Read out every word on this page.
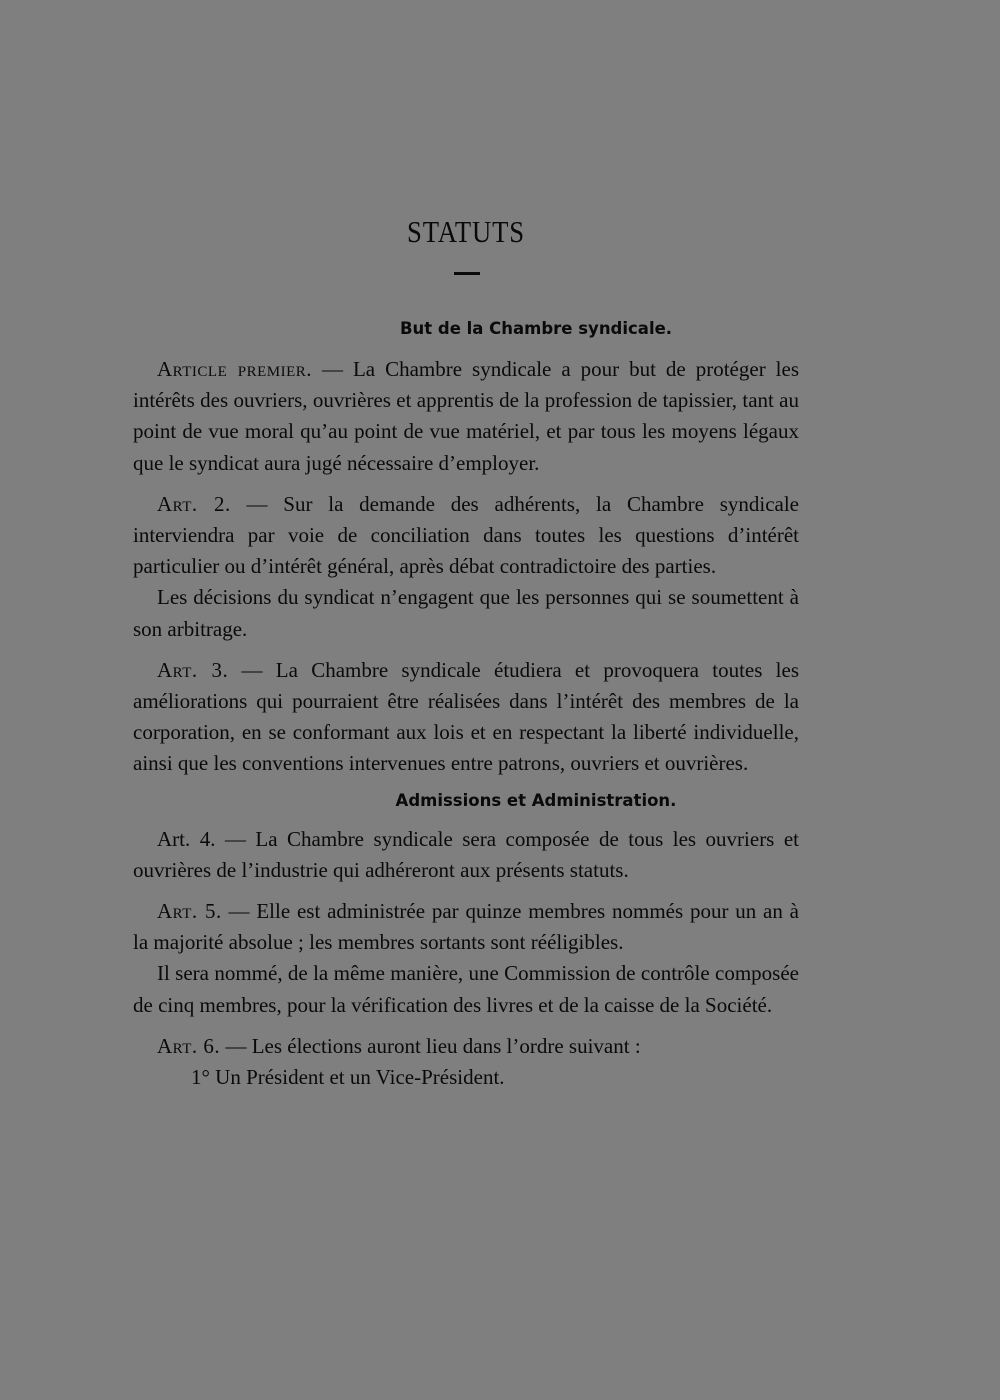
STATUTS
But de la Chambre syndicale.

Article premier. — La Chambre syndicale a pour but de protéger les intérêts des ouvriers, ouvrières et apprentis de la profession de tapissier, tant au point de vue moral qu’au point de vue matériel, et par tous les moyens légaux que le syndicat aura jugé nécessaire d’employer.

Art. 2. — Sur la demande des adhérents, la Chambre syndicale interviendra par voie de conciliation dans toutes les questions d’intérêt particulier ou d’intérêt général, après débat contradictoire des parties.

Les décisions du syndicat n’engagent que les personnes qui se soumettent à son arbitrage.

Art. 3. — La Chambre syndicale étudiera et provoquera toutes les améliorations qui pourraient être réalisées dans l’intérêt des membres de la corporation, en se conformant aux lois et en respectant la liberté individuelle, ainsi que les conventions intervenues entre patrons, ouvriers et ouvrières.

Admissions et Administration.

Art. 4. — La Chambre syndicale sera composée de tous les ouvriers et ouvrières de l’industrie qui adhéreront aux présents statuts.

Art. 5. — Elle est administrée par quinze membres nommés pour un an à la majorité absolue ; les membres sortants sont rééligibles.

Il sera nommé, de la même manière, une Commission de contrôle composée de cinq membres, pour la vérification des livres et de la caisse de la Société.

Art. 6. — Les élections auront lieu dans l’ordre suivant :

1° Un Président et un Vice-Président.
